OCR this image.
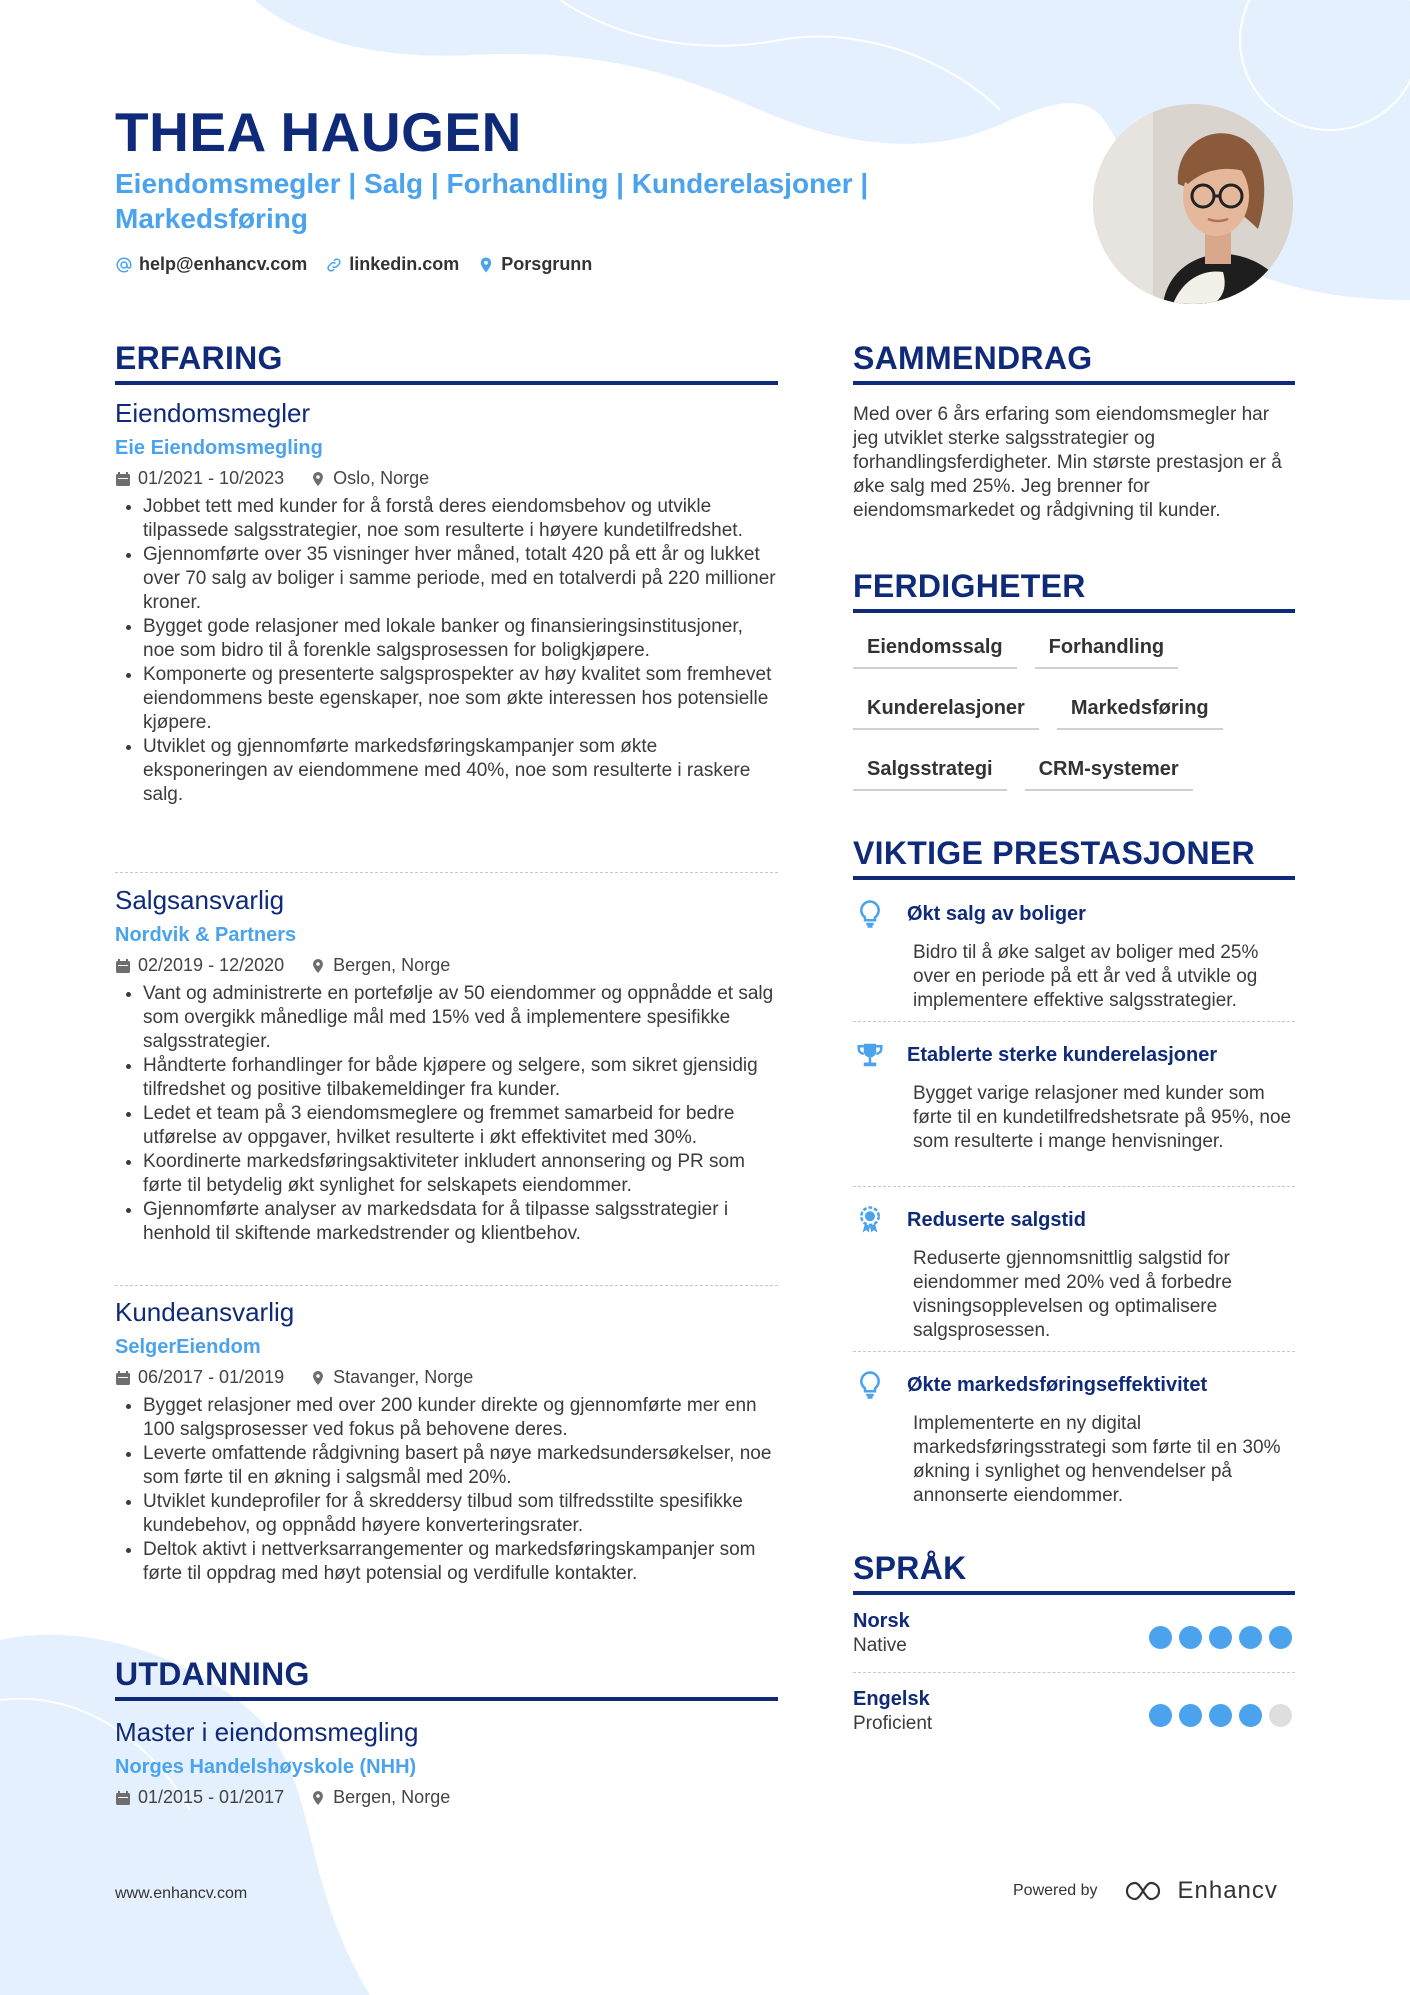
THEA HAUGEN
Eiendomsmegler | Salg | Forhandling | Kunderelasjoner | Markedsføring
help@enhancv.com linkedin.com Porsgrunn
ERFARING
Eiendomsmegler
Eie Eiendomsmegling
01/2021 - 10/2023	Oslo, Norge
• Jobbet tett med kunder for å forstå deres eiendomsbehov og utvikle tilpassede salgsstrategier, noe som resulterte i høyere kundetilfredshet.
• Gjennomførte over 35 visninger hver måned, totalt 420 på ett år og lukket over 70 salg av boliger i samme periode, med en totalverdi på 220 millioner kroner.
• Bygget gode relasjoner med lokale banker og finansieringsinstitusjoner, noe som bidro til å forenkle salgsprosessen for boligkjøpere.
• Komponerte og presenterte salgsprospekter av høy kvalitet som fremhevet eiendommens beste egenskaper, noe som økte interessen hos potensielle kjøpere.
• Utviklet og gjennomførte markedsføringskampanjer som økte eksponeringen av eiendommene med 40%, noe som resulterte i raskere salg.
Salgsansvarlig
Nordvik & Partners
02/2019 - 12/2020	Bergen, Norge
• Vant og administrerte en portefølje av 50 eiendommer og oppnådde et salg som overgikk månedlige mål med 15% ved å implementere spesifikke salgsstrategier.
• Håndterte forhandlinger for både kjøpere og selgere, som sikret gjensidig tilfredshet og positive tilbakemeldinger fra kunder.
• Ledet et team på 3 eiendomsmeglere og fremmet samarbeid for bedre utførelse av oppgaver, hvilket resulterte i økt effektivitet med 30%.
• Koordinerte markedsføringsaktiviteter inkludert annonsering og PR som førte til betydelig økt synlighet for selskapets eiendommer.
• Gjennomførte analyser av markedsdata for å tilpasse salgsstrategier i henhold til skiftende markedstrender og klientbehov.
Kundeansvarlig
SelgerEiendom
06/2017 - 01/2019	Stavanger, Norge
• Bygget relasjoner med over 200 kunder direkte og gjennomførte mer enn 100 salgsprosesser ved fokus på behovene deres.
• Leverte omfattende rådgivning basert på nøye markedsundersøkelser, noe som førte til en økning i salgsmål med 20%.
• Utviklet kundeprofiler for å skreddersy tilbud som tilfredsstilte spesifikke kundebehov, og oppnådd høyere konverteringsrater.
• Deltok aktivt i nettverksarrangementer og markedsføringskampanjer som førte til oppdrag med høyt potensial og verdifulle kontakter.
UTDANNING
Master i eiendomsmegling
Norges Handelshøyskole (NHH)
01/2015 - 01/2017	Bergen, Norge
SAMMENDRAG
Med over 6 års erfaring som eiendomsmegler har jeg utviklet sterke salgsstrategier og forhandlingsferdigheter. Min største prestasjon er å øke salg med 25%. Jeg brenner for eiendomsmarkedet og rådgivning til kunder.
FERDIGHETER
Eiendomssalg	Forhandling
Kunderelasjoner	Markedsføring
Salgsstrategi	CRM-systemer
VIKTIGE PRESTASJONER
Økt salg av boliger
Bidro til å øke salget av boliger med 25% over en periode på ett år ved å utvikle og implementere effektive salgsstrategier.
Etablerte sterke kunderelasjoner
Bygget varige relasjoner med kunder som førte til en kundetilfredshetsrate på 95%, noe som resulterte i mange henvisninger.
Reduserte salgstid
Reduserte gjennomsnittlig salgstid for eiendommer med 20% ved å forbedre visningsopplevelsen og optimalisere salgsprosessen.
Økte markedsføringseffektivitet
Implementerte en ny digital markedsføringsstrategi som førte til en 30% økning i synlighet og henvendelser på annonserte eiendommer.
SPRÅK
Norsk
Native
Engelsk
Proficient
www.enhancv.com	Powered by	Enhancv
